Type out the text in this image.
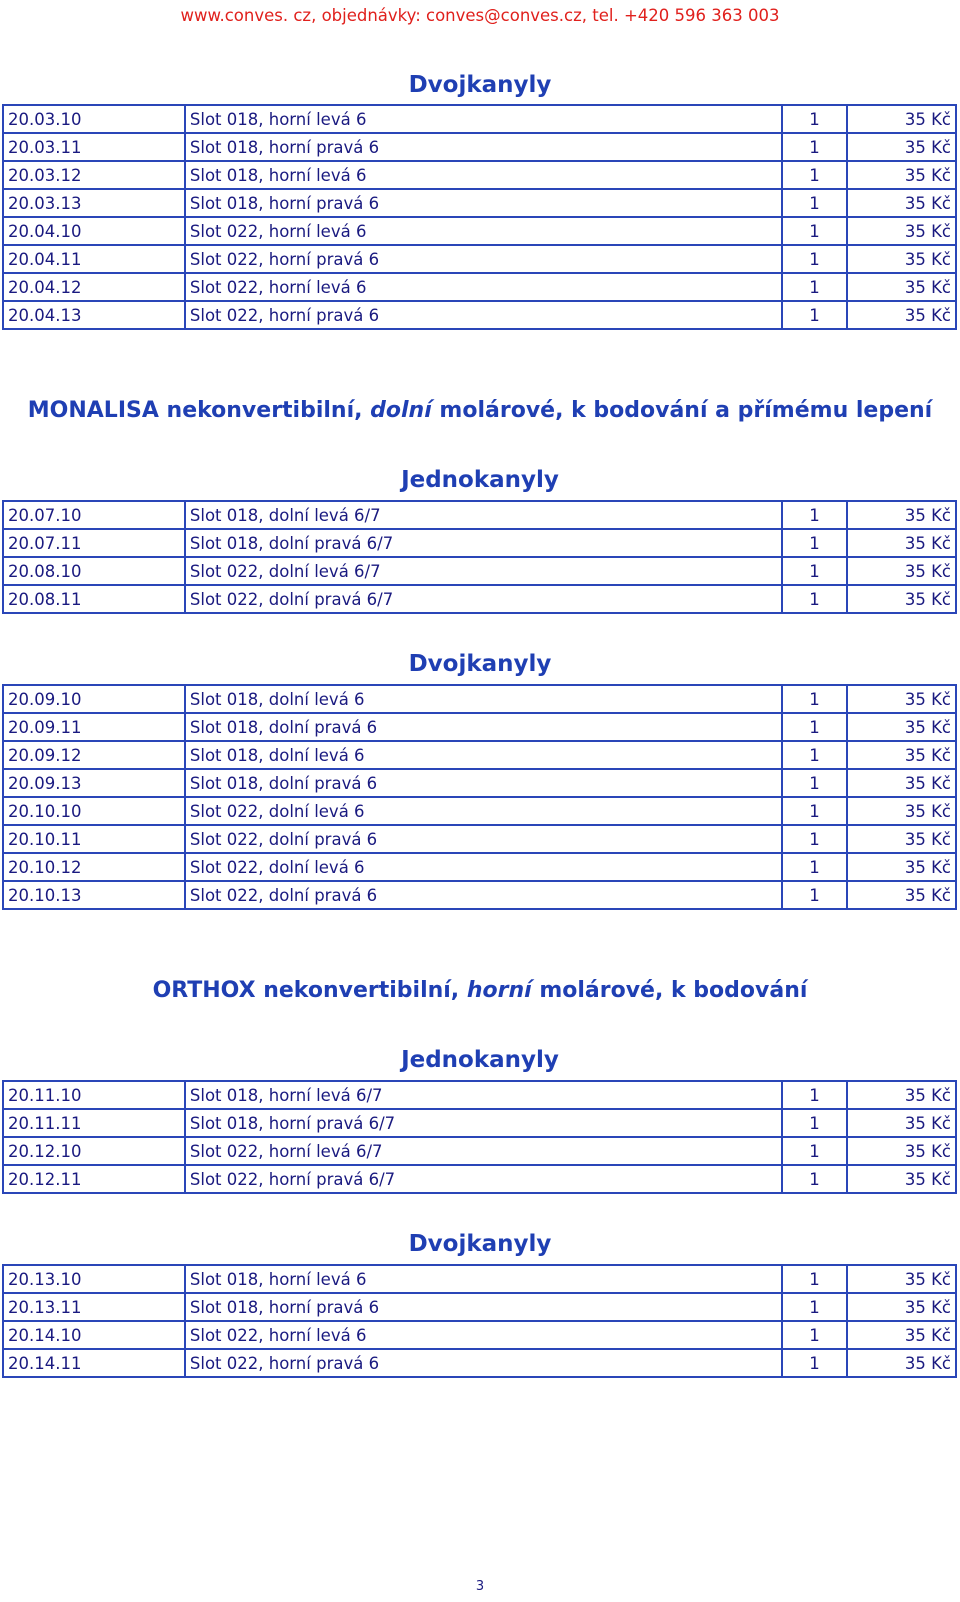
www.conves. cz, objednávky: conves@conves.cz, tel. +420 596 363 003
Dvojkanyly
20.03.10	Slot 018, horní levá 6	1	35 Kč
20.03.11	Slot 018, horní pravá 6	1	35 Kč
20.03.12	Slot 018, horní levá 6	1	35 Kč
20.03.13	Slot 018, horní pravá 6	1	35 Kč
20.04.10	Slot 022, horní levá 6	1	35 Kč
20.04.11	Slot 022, horní pravá 6	1	35 Kč
20.04.12	Slot 022, horní levá 6	1	35 Kč
20.04.13	Slot 022, horní pravá 6	1	35 Kč
MONALISA nekonvertibilní, dolní molárové, k bodování a přímému lepení
Jednokanyly
20.07.10	Slot 018, dolní levá 6/7	1	35 Kč
20.07.11	Slot 018, dolní pravá 6/7	1	35 Kč
20.08.10	Slot 022, dolní levá 6/7	1	35 Kč
20.08.11	Slot 022, dolní pravá 6/7	1	35 Kč
Dvojkanyly
20.09.10	Slot 018, dolní levá 6	1	35 Kč
20.09.11	Slot 018, dolní pravá 6	1	35 Kč
20.09.12	Slot 018, dolní levá 6	1	35 Kč
20.09.13	Slot 018, dolní pravá 6	1	35 Kč
20.10.10	Slot 022, dolní levá 6	1	35 Kč
20.10.11	Slot 022, dolní pravá 6	1	35 Kč
20.10.12	Slot 022, dolní levá 6	1	35 Kč
20.10.13	Slot 022, dolní pravá 6	1	35 Kč
ORTHOX nekonvertibilní, horní molárové, k bodování
Jednokanyly
20.11.10	Slot 018, horní levá 6/7	1	35 Kč
20.11.11	Slot 018, horní pravá 6/7	1	35 Kč
20.12.10	Slot 022, horní levá 6/7	1	35 Kč
20.12.11	Slot 022, horní pravá 6/7	1	35 Kč
Dvojkanyly
20.13.10	Slot 018, horní levá 6	1	35 Kč
20.13.11	Slot 018, horní pravá 6	1	35 Kč
20.14.10	Slot 022, horní levá 6	1	35 Kč
20.14.11	Slot 022, horní pravá 6	1	35 Kč
3
